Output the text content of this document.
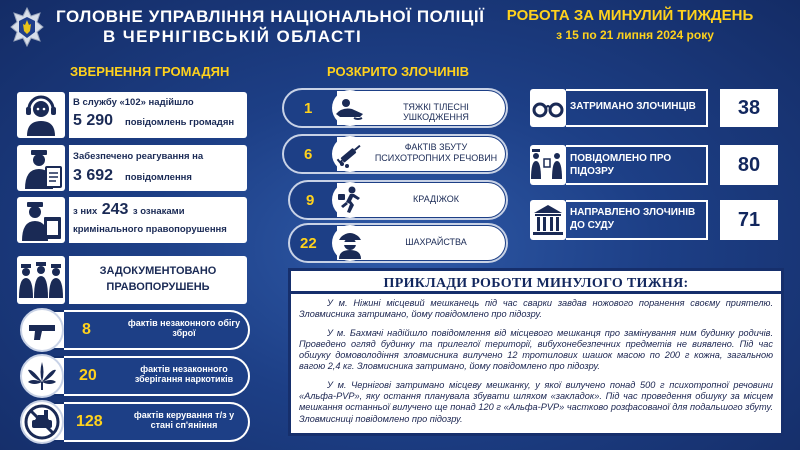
ГОЛОВНЕ УПРАВЛІННЯ НАЦІОНАЛЬНОЇ ПОЛІЦІЇ
В ЧЕРНІГІВСЬКІЙ ОБЛАСТІ
РОБОТА ЗА МИНУЛИЙ ТИЖДЕНЬ
з 15 по 21 липня 2024 року
ЗВЕРНЕННЯ ГРОМАДЯН
В службу «102» надійшло
5 290 повідомлень громадян
Забезпечено реагування на
3 692 повідомлення
з них 243 з ознаками
кримінального правопорушення
ЗАДОКУМЕНТОВАНО
ПРАВОПОРУШЕНЬ
8	фактів незаконного обігу зброї
20	фактів незаконного зберігання наркотиків
128	фактів керування т/з у стані сп'яніння
РОЗКРИТО ЗЛОЧИНІВ
1	ТЯЖКІ ТІЛЕСНІ УШКОДЖЕННЯ
6	ФАКТІВ ЗБУТУ ПСИХОТРОПНИХ РЕЧОВИН
9	КРАДІЖОК
22	ШАХРАЙСТВА
ЗАТРИМАНО ЗЛОЧИНЦІВ	38
ПОВІДОМЛЕНО ПРО ПІДОЗРУ	80
НАПРАВЛЕНО ЗЛОЧИНІВ ДО СУДУ	71
ПРИКЛАДИ РОБОТИ МИНУЛОГО ТИЖНЯ:

У м. Ніжині місцевий мешканець під час сварки завдав ножового поранення своєму приятелю. Зловмисника затримано, йому повідомлено про підозру.

У м. Бахмачі надійшло повідомлення від місцевого мешканця про замінування ним будинку родичів. Проведено огляд будинку та прилеглої території, вибухонебезпечних предметів не виявлено. Під час обшуку домоволодіння зловмисника вилучено 12 тротилових шашок масою по 200 г кожна, загальною вагою 2,4 кг. Зловмисника затримано, йому повідомлено про підозру.

У м. Чернігові затримано місцеву мешканку, у якої вилучено понад 500 г психотропної речовини «Альфа-PVP», яку остання планувала збувати шляхом «закладок». Під час проведення обшуку за місцем мешкання останньої вилучено ще понад 120 г «Альфа-PVP» частково розфасованої для подальшого збуту. Зловмисниці повідомлено про підозру.
